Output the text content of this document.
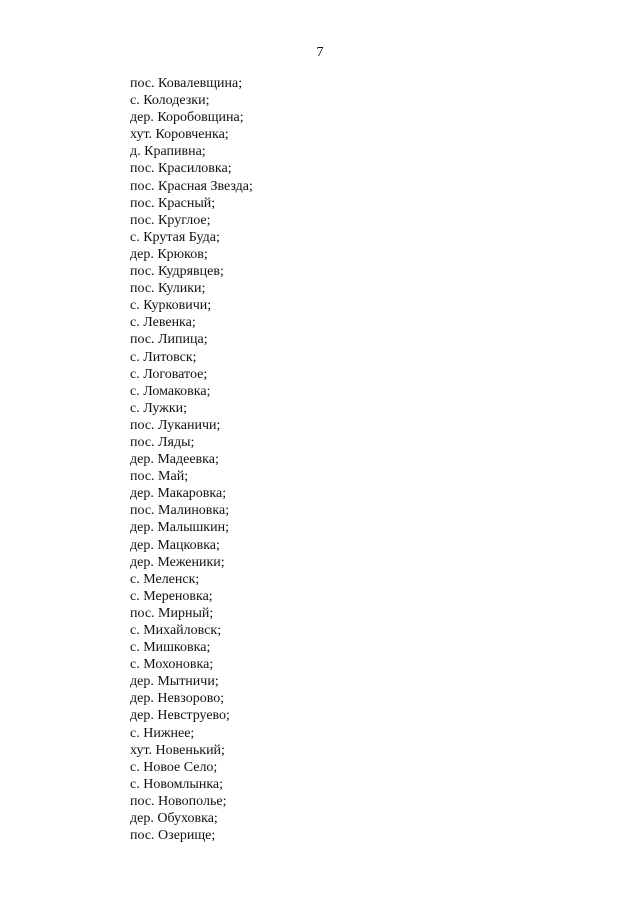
7
пос. Ковалевщина;
с. Колодезки;
дер. Коробовщина;
хут. Коровченка;
д. Крапивна;
пос. Красиловка;
пос. Красная Звезда;
пос. Красный;
пос. Круглое;
с. Крутая Буда;
дер. Крюков;
пос. Кудрявцев;
пос. Кулики;
с. Курковичи;
с. Левенка;
пос. Липица;
с. Литовск;
с. Логоватое;
с. Ломаковка;
с. Лужки;
пос. Луканичи;
пос. Ляды;
дер. Мадеевка;
пос. Май;
дер. Макаровка;
пос. Малиновка;
дер. Малышкин;
дер. Мацковка;
дер. Меженики;
с. Меленск;
с. Мереновка;
пос. Мирный;
с. Михайловск;
с. Мишковка;
с. Мохоновка;
дер. Мытничи;
дер. Невзорово;
дер. Невструево;
с. Нижнее;
хут. Новенький;
с. Новое Село;
с. Новомлынка;
пос. Новополье;
дер. Обуховка;
пос. Озерище;
